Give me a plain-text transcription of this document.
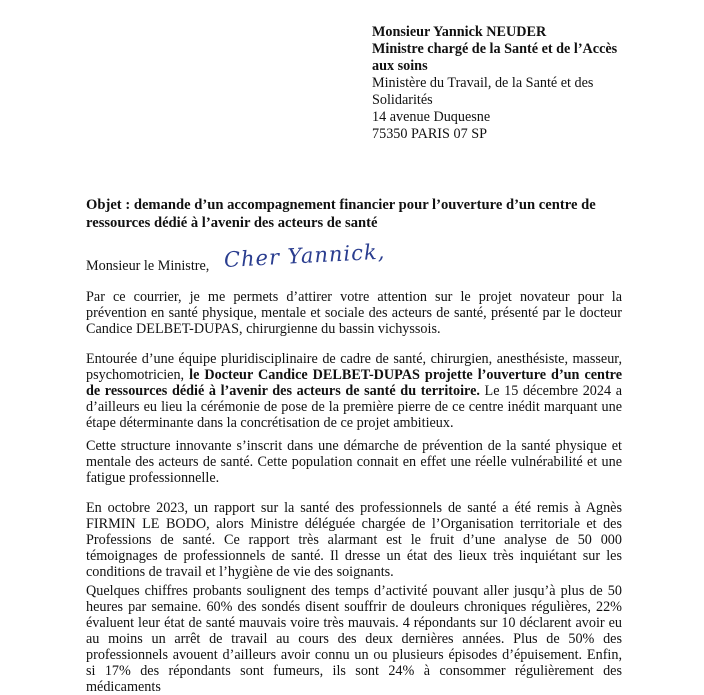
Monsieur Yannick NEUDER
Ministre chargé de la Santé et de l’Accès
aux soins
Ministère du Travail, de la Santé et des
Solidarités
14 avenue Duquesne
75350 PARIS 07 SP
Objet : demande d’un accompagnement financier pour l’ouverture d’un centre de ressources dédié à l’avenir des acteurs de santé
Monsieur le Ministre, Cher Yannick,
Par ce courrier, je me permets d’attirer votre attention sur le projet novateur pour la prévention en santé physique, mentale et sociale des acteurs de santé, présenté par le docteur Candice DELBET-DUPAS, chirurgienne du bassin vichyssois.
Entourée d’une équipe pluridisciplinaire de cadre de santé, chirurgien, anesthésiste, masseur, psychomotricien, le Docteur Candice DELBET-DUPAS projette l’ouverture d’un centre de ressources dédié à l’avenir des acteurs de santé du territoire. Le 15 décembre 2024 a d’ailleurs eu lieu la cérémonie de pose de la première pierre de ce centre inédit marquant une étape déterminante dans la concrétisation de ce projet ambitieux.
Cette structure innovante s’inscrit dans une démarche de prévention de la santé physique et mentale des acteurs de santé. Cette population connait en effet une réelle vulnérabilité et une fatigue professionnelle.
En octobre 2023, un rapport sur la santé des professionnels de santé a été remis à Agnès FIRMIN LE BODO, alors Ministre déléguée chargée de l’Organisation territoriale et des Professions de santé. Ce rapport très alarmant est le fruit d’une analyse de 50 000 témoignages de professionnels de santé. Il dresse un état des lieux très inquiétant sur les conditions de travail et l’hygiène de vie des soignants.
Quelques chiffres probants soulignent des temps d’activité pouvant aller jusqu’à plus de 50 heures par semaine. 60% des sondés disent souffrir de douleurs chroniques régulières, 22% évaluent leur état de santé mauvais voire très mauvais. 4 répondants sur 10 déclarent avoir eu au moins un arrêt de travail au cours des deux dernières années. Plus de 50% des professionnels avouent d’ailleurs avoir connu un ou plusieurs épisodes d’épuisement. Enfin, si 17% des répondants sont fumeurs, ils sont 24% à consommer régulièrement des médicaments
